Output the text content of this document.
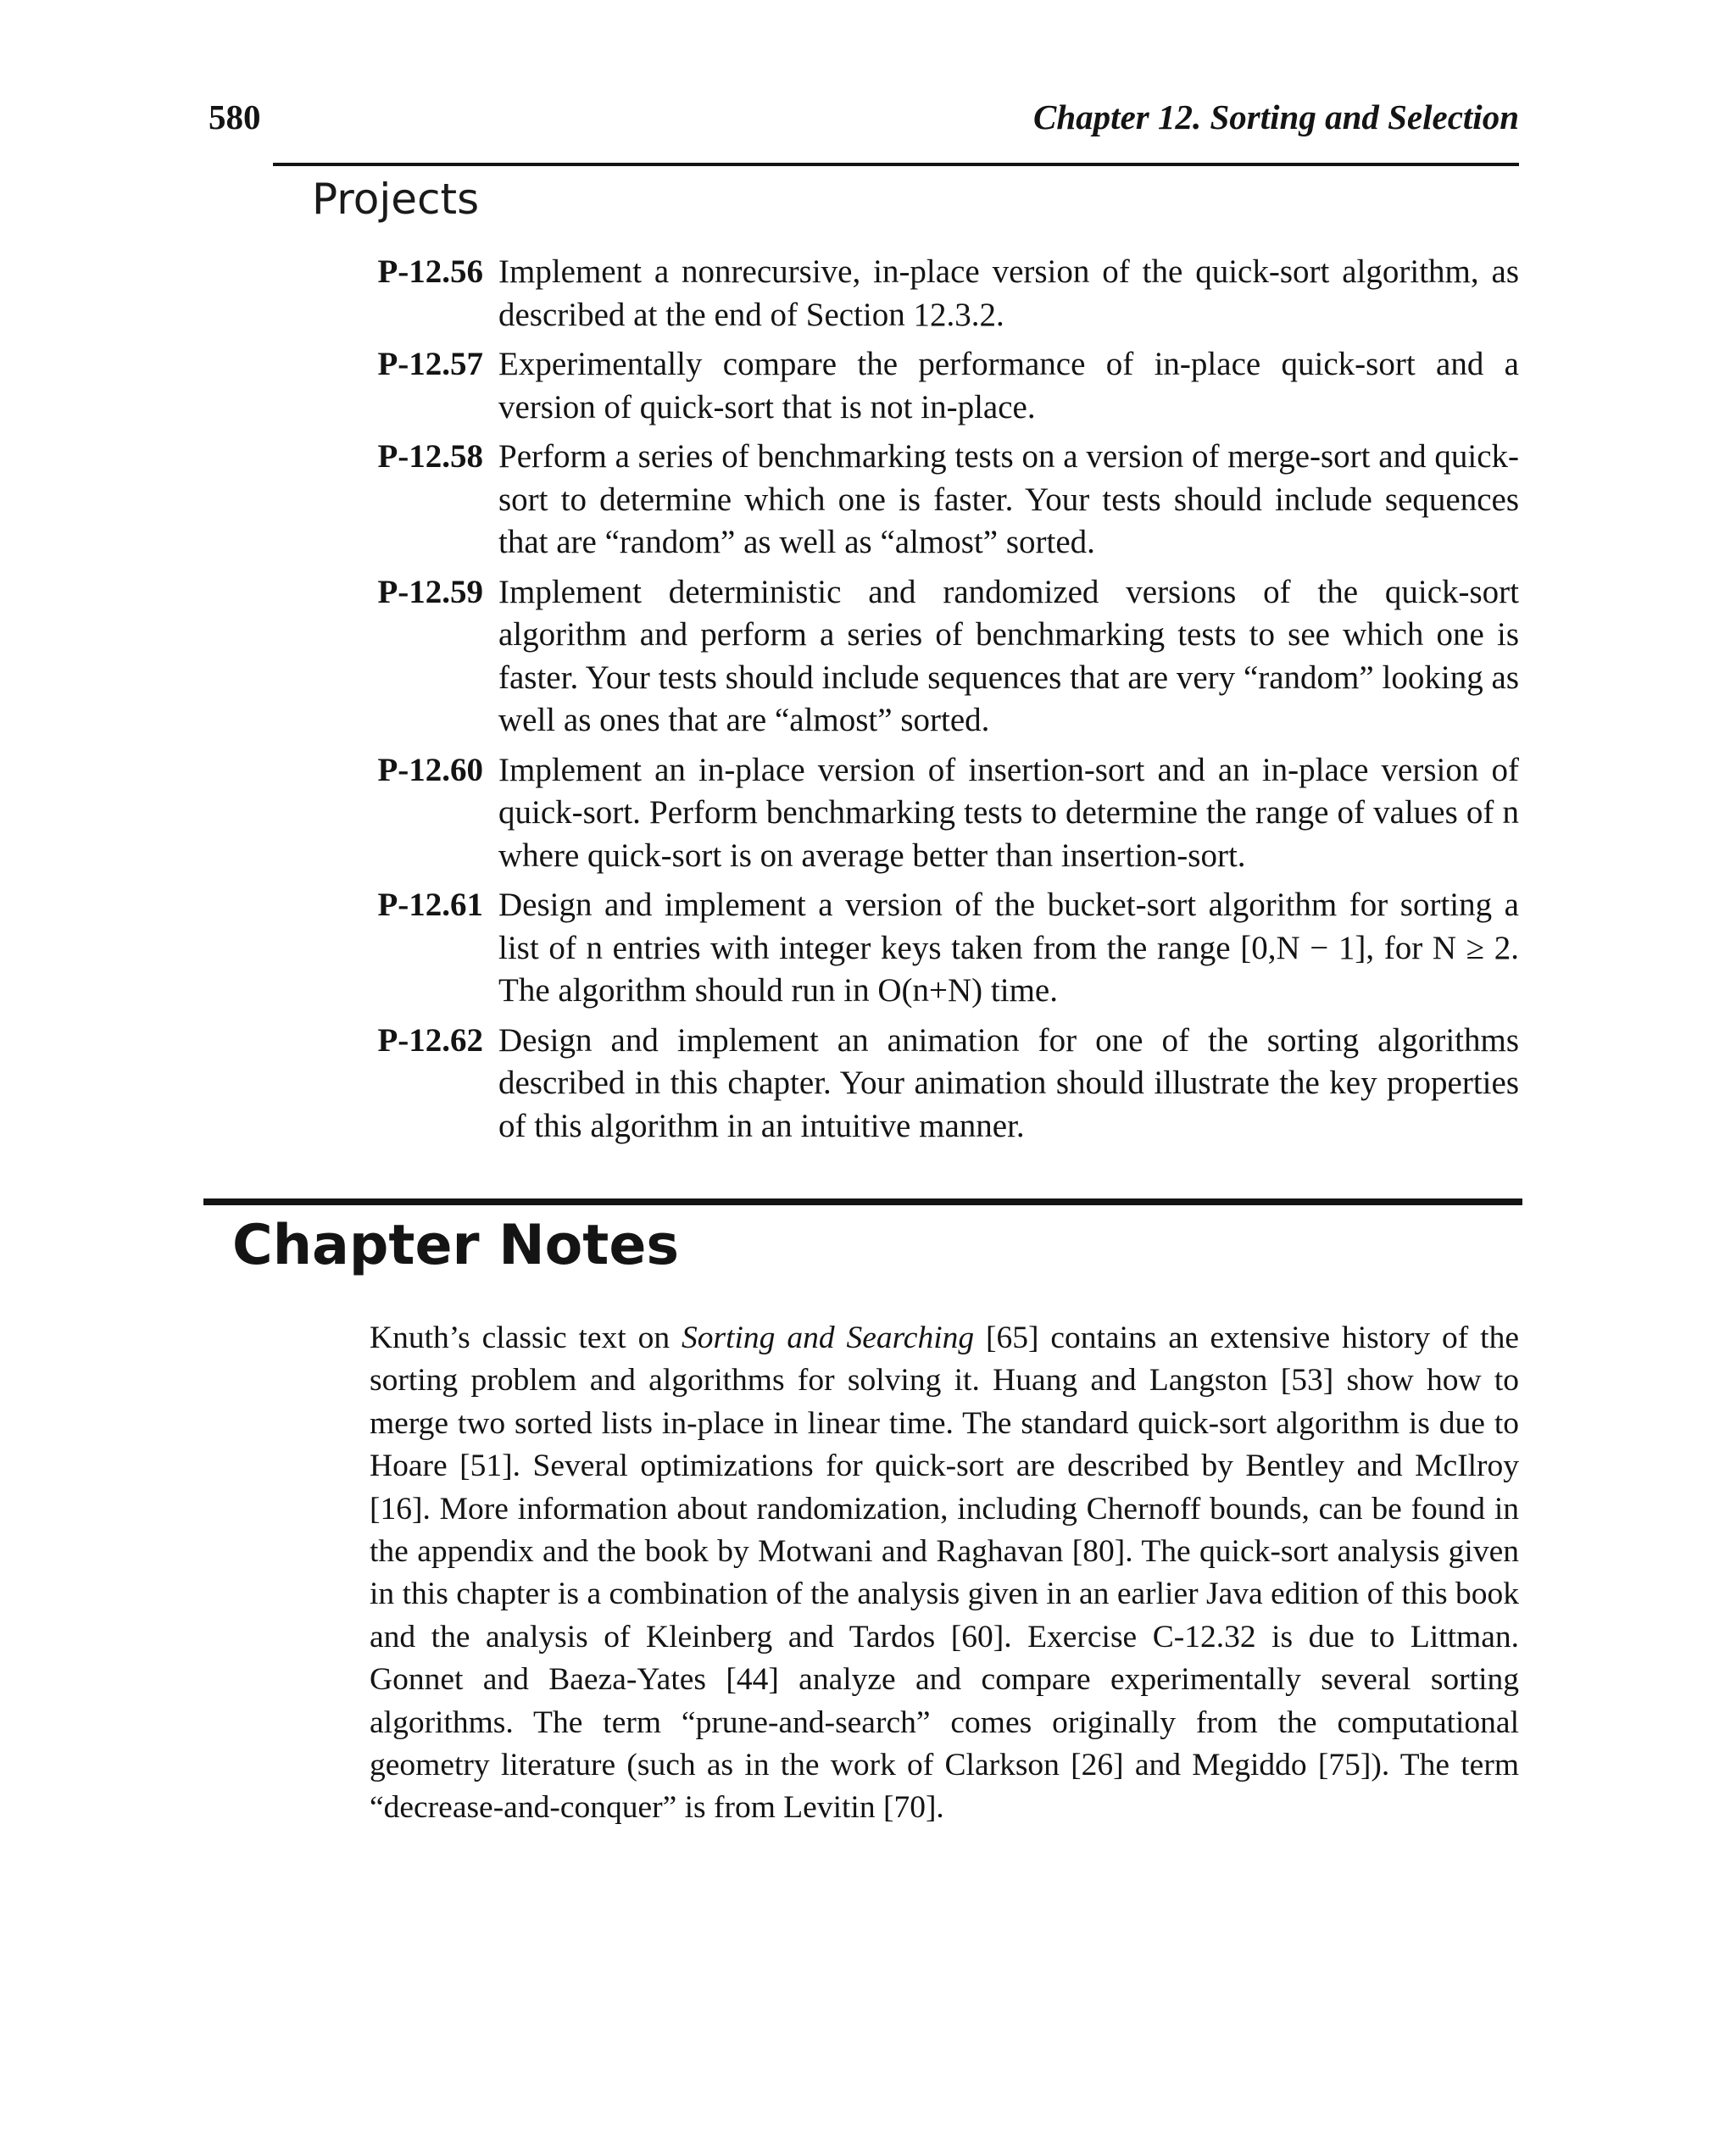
580	Chapter 12. Sorting and Selection
Projects
P-12.56 Implement a nonrecursive, in-place version of the quick-sort algorithm, as described at the end of Section 12.3.2.
P-12.57 Experimentally compare the performance of in-place quick-sort and a version of quick-sort that is not in-place.
P-12.58 Perform a series of benchmarking tests on a version of merge-sort and quick-sort to determine which one is faster. Your tests should include sequences that are “random” as well as “almost” sorted.
P-12.59 Implement deterministic and randomized versions of the quick-sort algorithm and perform a series of benchmarking tests to see which one is faster. Your tests should include sequences that are very “random” looking as well as ones that are “almost” sorted.
P-12.60 Implement an in-place version of insertion-sort and an in-place version of quick-sort. Perform benchmarking tests to determine the range of values of n where quick-sort is on average better than insertion-sort.
P-12.61 Design and implement a version of the bucket-sort algorithm for sorting a list of n entries with integer keys taken from the range [0,N − 1], for N ≥ 2. The algorithm should run in O(n+N) time.
P-12.62 Design and implement an animation for one of the sorting algorithms described in this chapter. Your animation should illustrate the key properties of this algorithm in an intuitive manner.
Chapter Notes

Knuth’s classic text on Sorting and Searching [65] contains an extensive history of the sorting problem and algorithms for solving it. Huang and Langston [53] show how to merge two sorted lists in-place in linear time. The standard quick-sort algorithm is due to Hoare [51]. Several optimizations for quick-sort are described by Bentley and McIlroy [16]. More information about randomization, including Chernoff bounds, can be found in the appendix and the book by Motwani and Raghavan [80]. The quick-sort analysis given in this chapter is a combination of the analysis given in an earlier Java edition of this book and the analysis of Kleinberg and Tardos [60]. Exercise C-12.32 is due to Littman. Gonnet and Baeza-Yates [44] analyze and compare experimentally several sorting algorithms. The term “prune-and-search” comes originally from the computational geometry literature (such as in the work of Clarkson [26] and Megiddo [75]). The term “decrease-and-conquer” is from Levitin [70].
